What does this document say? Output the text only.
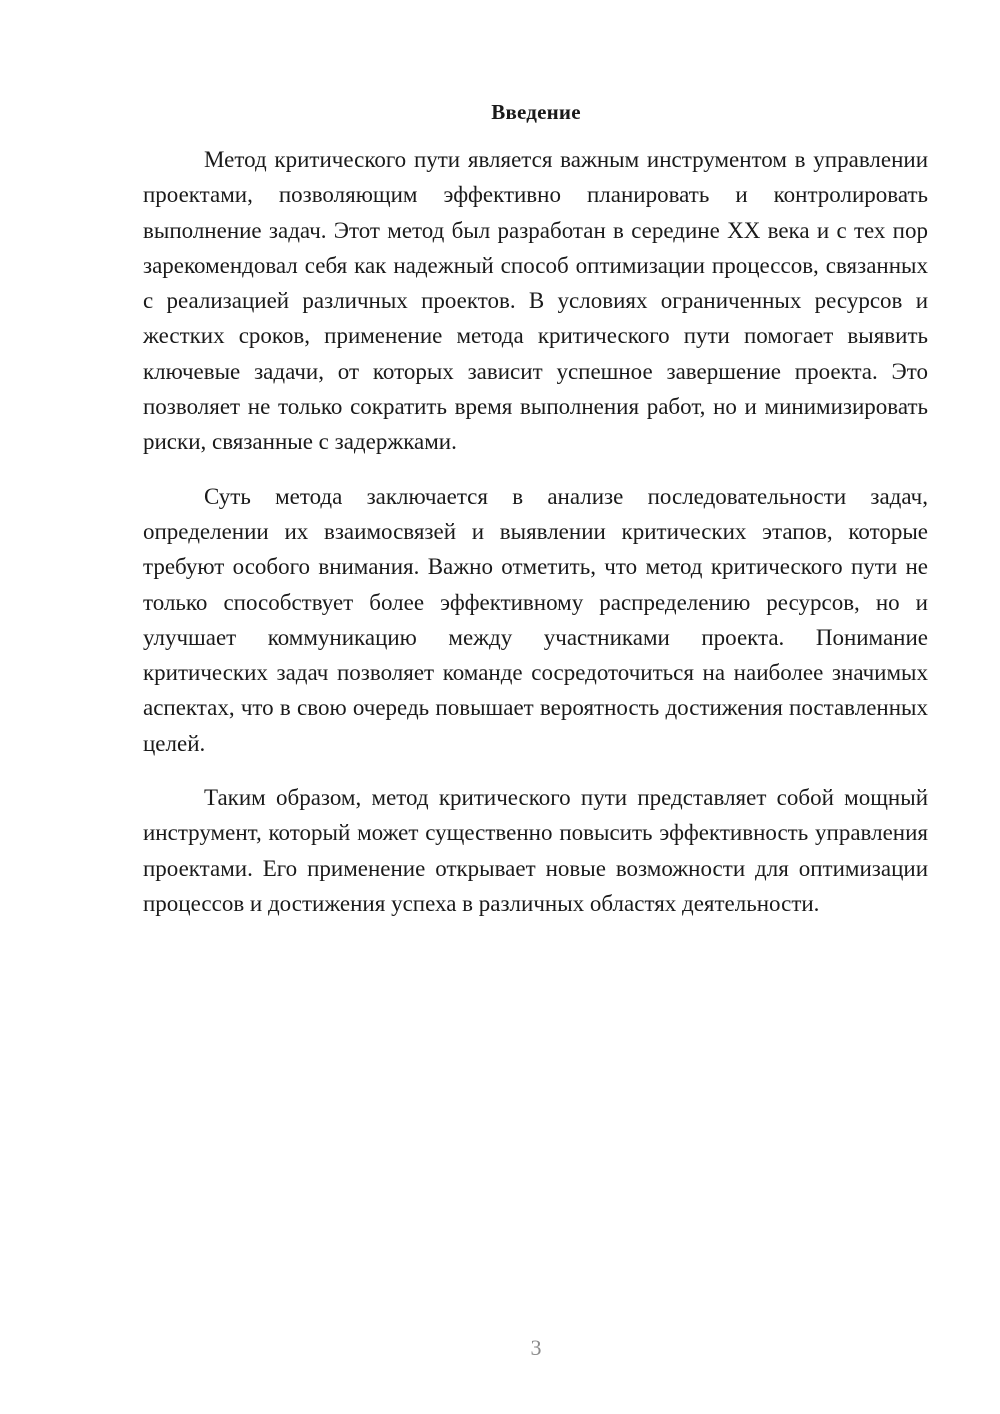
Введение

Метод критического пути является важным инструментом в управлении проектами, позволяющим эффективно планировать и контролировать выполнение задач. Этот метод был разработан в середине XX века и с тех пор зарекомендовал себя как надежный способ оптимизации процессов, связанных с реализацией различных проектов. В условиях ограниченных ресурсов и жестких сроков, применение метода критического пути помогает выявить ключевые задачи, от которых зависит успешное завершение проекта. Это позволяет не только сократить время выполнения работ, но и минимизировать риски, связанные с задержками.

Суть метода заключается в анализе последовательности задач, определении их взаимосвязей и выявлении критических этапов, которые требуют особого внимания. Важно отметить, что метод критического пути не только способствует более эффективному распределению ресурсов, но и улучшает коммуникацию между участниками проекта. Понимание критических задач позволяет команде сосредоточиться на наиболее значимых аспектах, что в свою очередь повышает вероятность достижения поставленных целей.

Таким образом, метод критического пути представляет собой мощный инструмент, который может существенно повысить эффективность управления проектами. Его применение открывает новые возможности для оптимизации процессов и достижения успеха в различных областях деятельности.

3
